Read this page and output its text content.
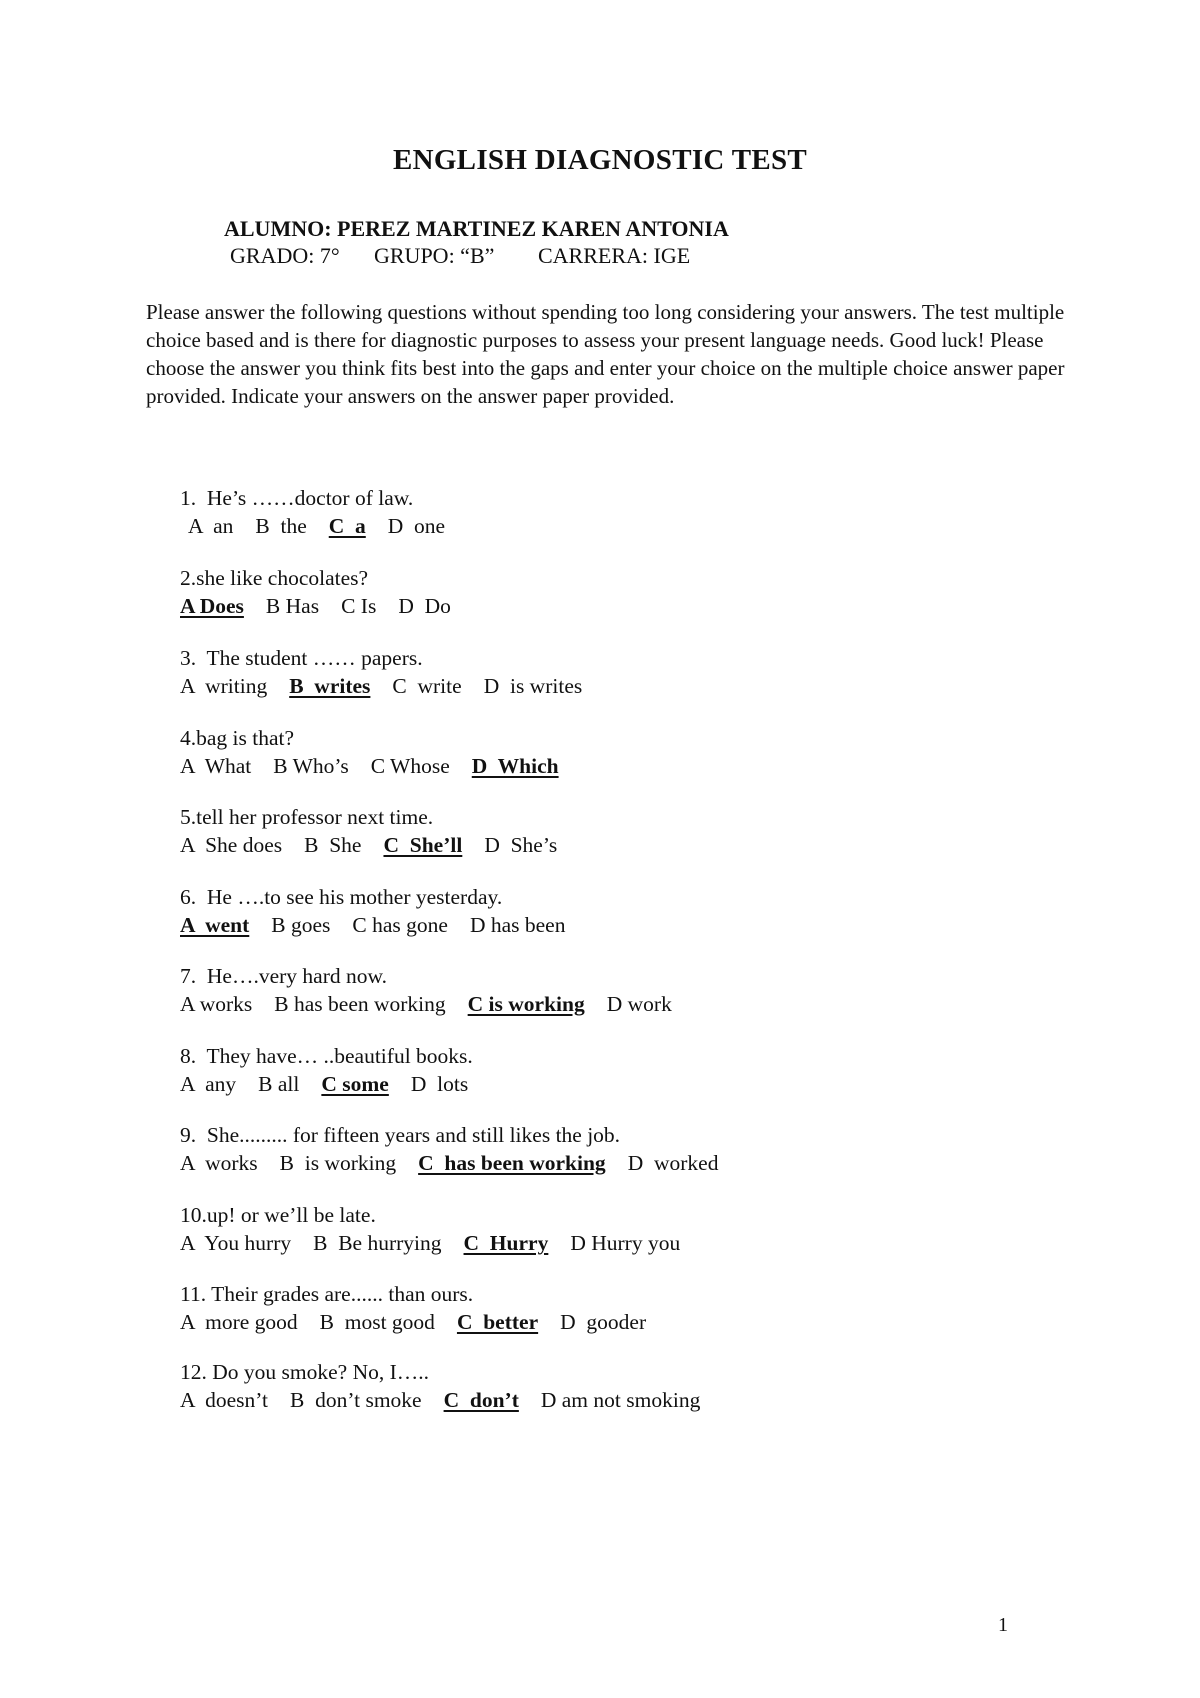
ENGLISH DIAGNOSTIC TEST
ALUMNO: PEREZ MARTINEZ KAREN ANTONIA
GRADO: 7° GRUPO: “B” CARRERA: IGE
Please answer the following questions without spending too long considering your answers. The test multiple choice based and is there for diagnostic purposes to assess your present language needs. Good luck! Please choose the answer you think fits best into the gaps and enter your choice on the multiple choice answer paper provided. Indicate your answers on the answer paper provided.
1.  He’s ……doctor of law.
A  an B  the C  a D  one
2.she like chocolates?
A Does B Has C Is D  Do
3.  The student …… papers.
A  writing B  writes C  write D  is writes
4.bag is that?
A  What B Who’s C Whose D  Which
5.tell her professor next time.
A  She does B  She C  She’ll D  She’s
6.  He ….to see his mother yesterday.
A  went B goes C has gone D has been
7.  He….very hard now.
A works B has been working C is working D work
8.  They have… ..beautiful books.
A  any B all C some D  lots
9.  She......... for fifteen years and still likes the job.
A  works B  is working C  has been working D  worked
10.up! or we’ll be late.
A  You hurry B  Be hurrying C  Hurry D Hurry you
11. Their grades are...... than ours.
A  more good B  most good C  better D  gooder
12. Do you smoke? No, I…..
A  doesn’t B  don’t smoke C  don’t D am not smoking
1
